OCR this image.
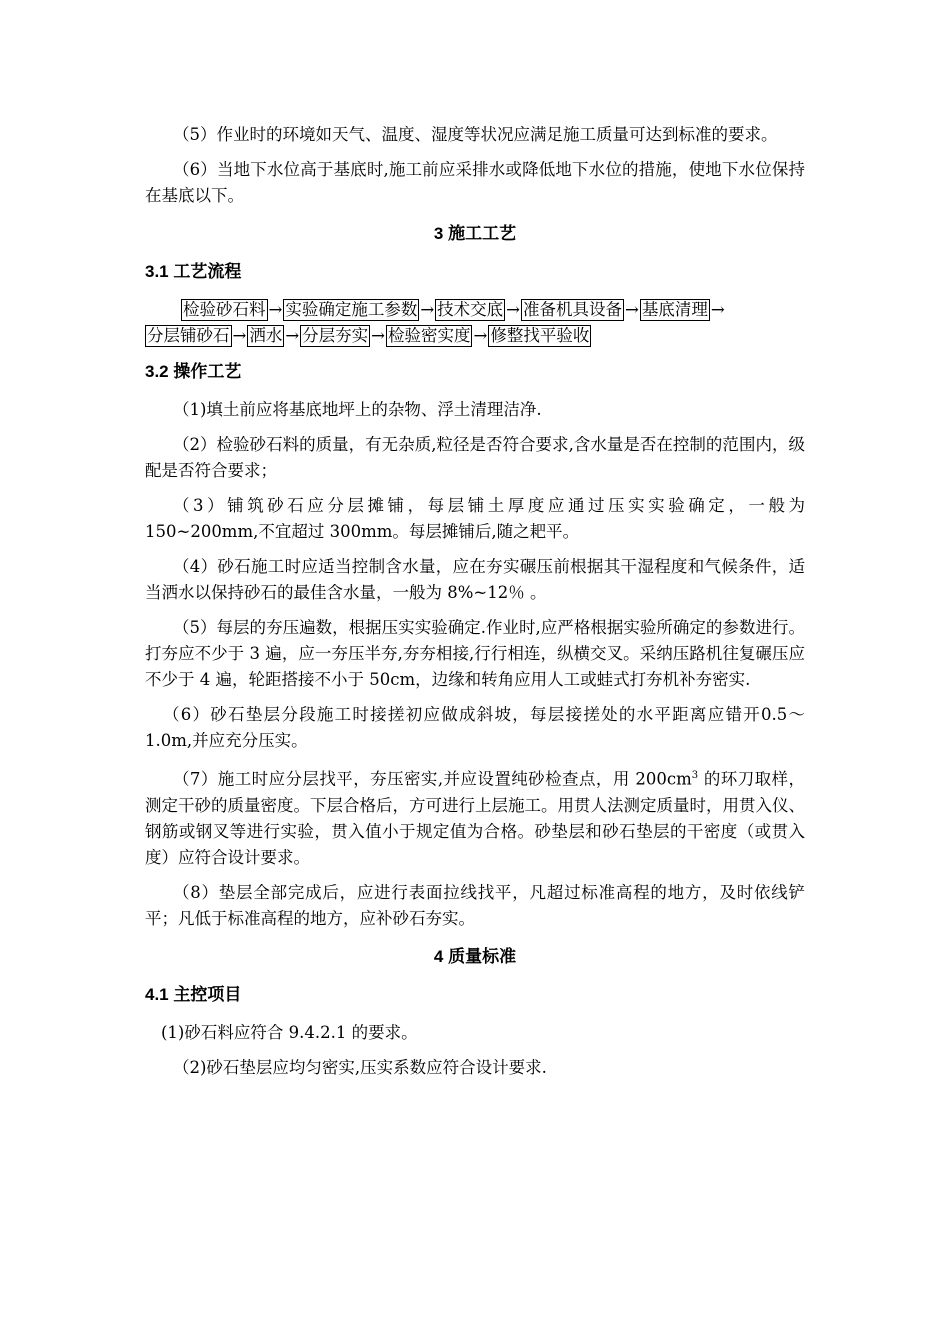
（5）作业时的环境如天气、温度、湿度等状况应满足施工质量可达到标准的要求。

（6）当地下水位高于基底时,施工前应采排水或降低地下水位的措施，使地下水位保持在基底以下。

3 施工工艺
3.1 工艺流程
检验砂石料 → 实验确定施工参数 → 技术交底 → 准备机具设备 → 基底清理 →
分层铺砂石 → 洒水 → 分层夯实 → 检验密实度 → 修整找平验收
3.2 操作工艺

（1)填土前应将基底地坪上的杂物、浮土清理洁净.

（2）检验砂石料的质量，有无杂质,粒径是否符合要求,含水量是否在控制的范围内，级配是否符合要求；

（3）铺筑砂石应分层摊铺，每层铺土厚度应通过压实实验确定，一般为150~200mm,不宜超过 300mm。每层摊铺后,随之耙平。

（4）砂石施工时应适当控制含水量，应在夯实碾压前根据其干湿程度和气候条件，适当洒水以保持砂石的最佳含水量，一般为 8%~12％ 。

（5）每层的夯压遍数，根据压实实验确定.作业时,应严格根据实验所确定的参数进行。打夯应不少于 3 遍，应一夯压半夯,夯夯相接,行行相连，纵横交叉。采纳压路机往复碾压应不少于 4 遍，轮距搭接不小于 50cm，边缘和转角应用人工或蛙式打夯机补夯密实.

（6）砂石垫层分段施工时接搓初应做成斜坡，每层接搓处的水平距离应错开0.5～1.0m,并应充分压实。

（7）施工时应分层找平，夯压密实,并应设置纯砂检查点，用 $200cm^3$ 的环刀取样，测定干砂的质量密度。下层合格后，方可进行上层施工。用贯人法测定质量时，用贯入仪、钢筋或钢叉等进行实验，贯入值小于规定值为合格。砂垫层和砂石垫层的干密度（或贯入度）应符合设计要求。

（8）垫层全部完成后，应进行表面拉线找平，凡超过标准高程的地方，及时依线铲平；凡低于标准高程的地方，应补砂石夯实。

4 质量标准
4.1 主控项目

(1)砂石料应符合 9.4.2.1 的要求。

（2)砂石垫层应均匀密实,压实系数应符合设计要求.
